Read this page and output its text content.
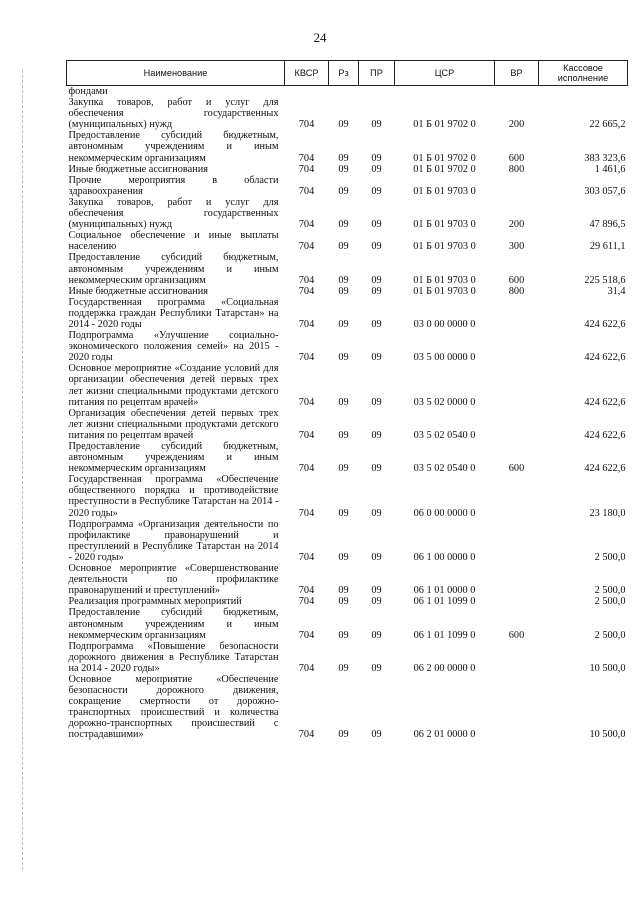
24
Наименование	КВСР	Рз	ПР	ЦСР	ВР	Кассовое исполнение
фондами						
Закупка товаров, работ и услуг для обеспечения государственных (муниципальных) нужд	704	09	09	01 Б 01 9702 0	200	22 665,2
Предоставление субсидий бюджетным, автономным учреждениям и иным некоммерческим организациям	704	09	09	01 Б 01 9702 0	600	383 323,6
Иные бюджетные ассигнования	704	09	09	01 Б 01 9702 0	800	1 461,6
Прочие мероприятия в области здравоохранения	704	09	09	01 Б 01 9703 0		303 057,6
Закупка товаров, работ и услуг для обеспечения государственных (муниципальных) нужд	704	09	09	01 Б 01 9703 0	200	47 896,5
Социальное обеспечение и иные выплаты населению	704	09	09	01 Б 01 9703 0	300	29 611,1
Предоставление субсидий бюджетным, автономным учреждениям и иным некоммерческим организациям	704	09	09	01 Б 01 9703 0	600	225 518,6
Иные бюджетные ассигнования	704	09	09	01 Б 01 9703 0	800	31,4
Государственная программа «Социальная поддержка граждан Республики Татарстан» на 2014 - 2020 годы	704	09	09	03 0 00 0000 0		424 622,6
Подпрограмма «Улучшение социально-экономического положения семей» на 2015 - 2020 годы	704	09	09	03 5 00 0000 0		424 622,6
Основное мероприятие «Создание условий для организации обеспечения детей первых трех лет жизни специальными продуктами детского питания по рецептам врачей»	704	09	09	03 5 02 0000 0		424 622,6
Организация обеспечения детей первых трех лет жизни специальными продуктами детского питания по рецептам врачей	704	09	09	03 5 02 0540 0		424 622,6
Предоставление субсидий бюджетным, автономным учреждениям и иным некоммерческим организациям	704	09	09	03 5 02 0540 0	600	424 622,6
Государственная программа «Обеспечение общественного порядка и противодействие преступности в Республике Татарстан на 2014 - 2020 годы»	704	09	09	06 0 00 0000 0		23 180,0
Подпрограмма «Организация деятельности по профилактике правонарушений и преступлений в Республике Татарстан на 2014 - 2020 годы»	704	09	09	06 1 00 0000 0		2 500,0
Основное мероприятие «Совершенствование деятельности по профилактике правонарушений и преступлений»	704	09	09	06 1 01 0000 0		2 500,0
Реализация программных мероприятий	704	09	09	06 1 01 1099 0		2 500,0
Предоставление субсидий бюджетным, автономным учреждениям и иным некоммерческим организациям	704	09	09	06 1 01 1099 0	600	2 500,0
Подпрограмма «Повышение безопасности дорожного движения в Республике Татарстан на 2014 - 2020 годы»	704	09	09	06 2 00 0000 0		10 500,0
Основное мероприятие «Обеспечение безопасности дорожного движения, сокращение смертности от дорожно-транспортных происшествий и количества дорожно-транспортных происшествий с пострадавшими»	704	09	09	06 2 01 0000 0		10 500,0
